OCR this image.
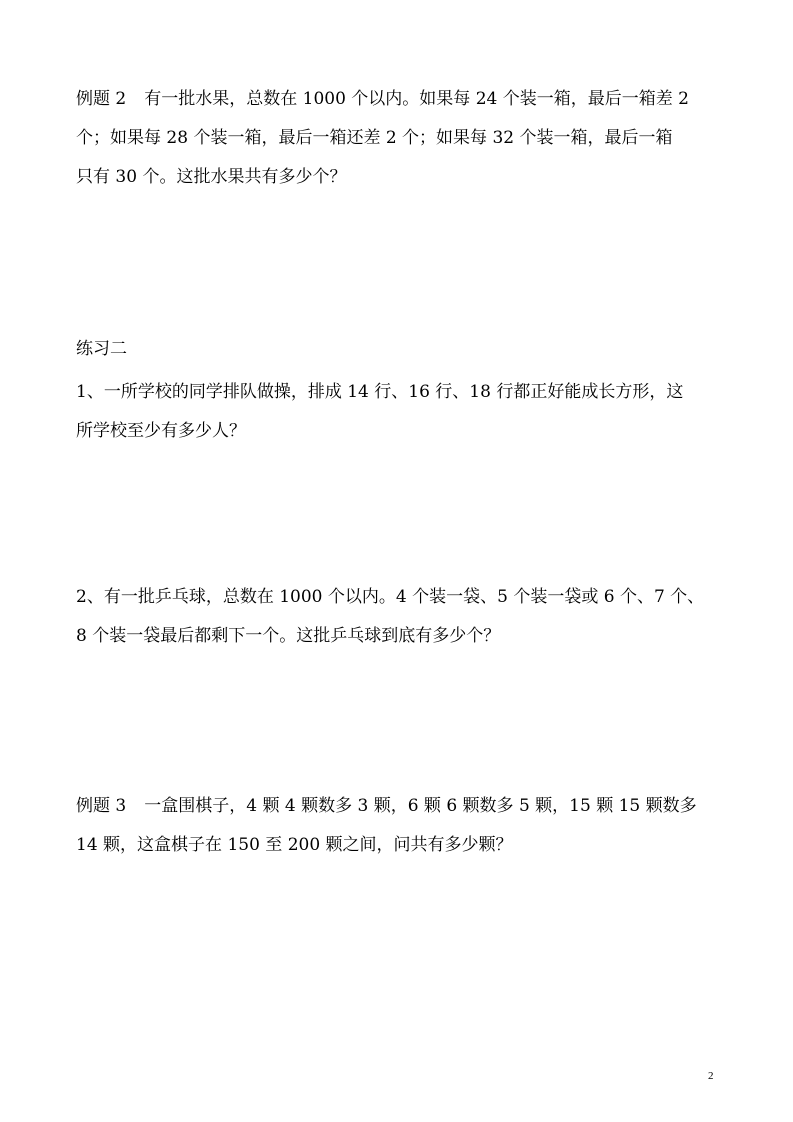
例题 2 有一批水果，总数在 1000 个以内。如果每 24 个装一箱，最后一箱差 2
个；如果每 28 个装一箱，最后一箱还差 2 个；如果每 32 个装一箱，最后一箱
只有 30 个。这批水果共有多少个？
练习二
1、一所学校的同学排队做操，排成 14 行、16 行、18 行都正好能成长方形，这
所学校至少有多少人？
2、有一批乒乓球，总数在 1000 个以内。4 个装一袋、5 个装一袋或 6 个、7 个、
8 个装一袋最后都剩下一个。这批乒乓球到底有多少个？
例题 3 一盒围棋子，4 颗 4 颗数多 3 颗，6 颗 6 颗数多 5 颗，15 颗 15 颗数多
14 颗，这盒棋子在 150 至 200 颗之间，问共有多少颗？
2
